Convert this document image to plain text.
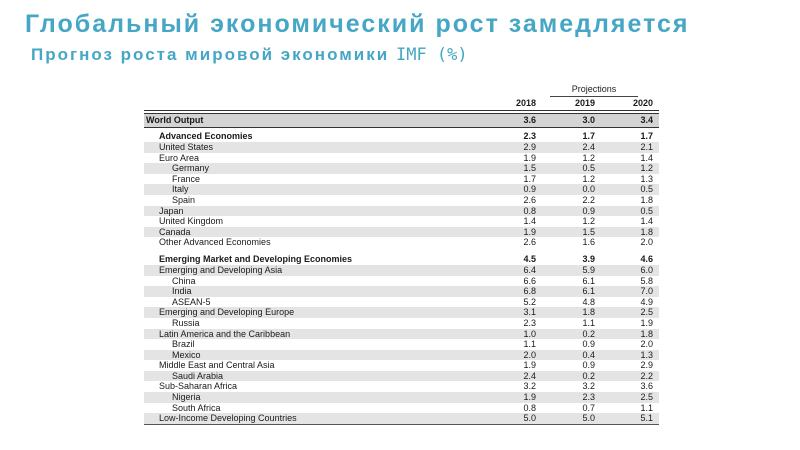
Глобальный экономический рост замедляется
Прогноз роста мировой экономики IMF (%)
Projections
2018	2019	2020
World Output	3.6	3.0	3.4
Advanced Economies	2.3	1.7	1.7
United States	2.9	2.4	2.1
Euro Area	1.9	1.2	1.4
Germany	1.5	0.5	1.2
France	1.7	1.2	1.3
Italy	0.9	0.0	0.5
Spain	2.6	2.2	1.8
Japan	0.8	0.9	0.5
United Kingdom	1.4	1.2	1.4
Canada	1.9	1.5	1.8
Other Advanced Economies	2.6	1.6	2.0
Emerging Market and Developing Economies	4.5	3.9	4.6
Emerging and Developing Asia	6.4	5.9	6.0
China	6.6	6.1	5.8
India	6.8	6.1	7.0
ASEAN-5	5.2	4.8	4.9
Emerging and Developing Europe	3.1	1.8	2.5
Russia	2.3	1.1	1.9
Latin America and the Caribbean	1.0	0.2	1.8
Brazil	1.1	0.9	2.0
Mexico	2.0	0.4	1.3
Middle East and Central Asia	1.9	0.9	2.9
Saudi Arabia	2.4	0.2	2.2
Sub-Saharan Africa	3.2	3.2	3.6
Nigeria	1.9	2.3	2.5
South Africa	0.8	0.7	1.1
Low-Income Developing Countries	5.0	5.0	5.1
